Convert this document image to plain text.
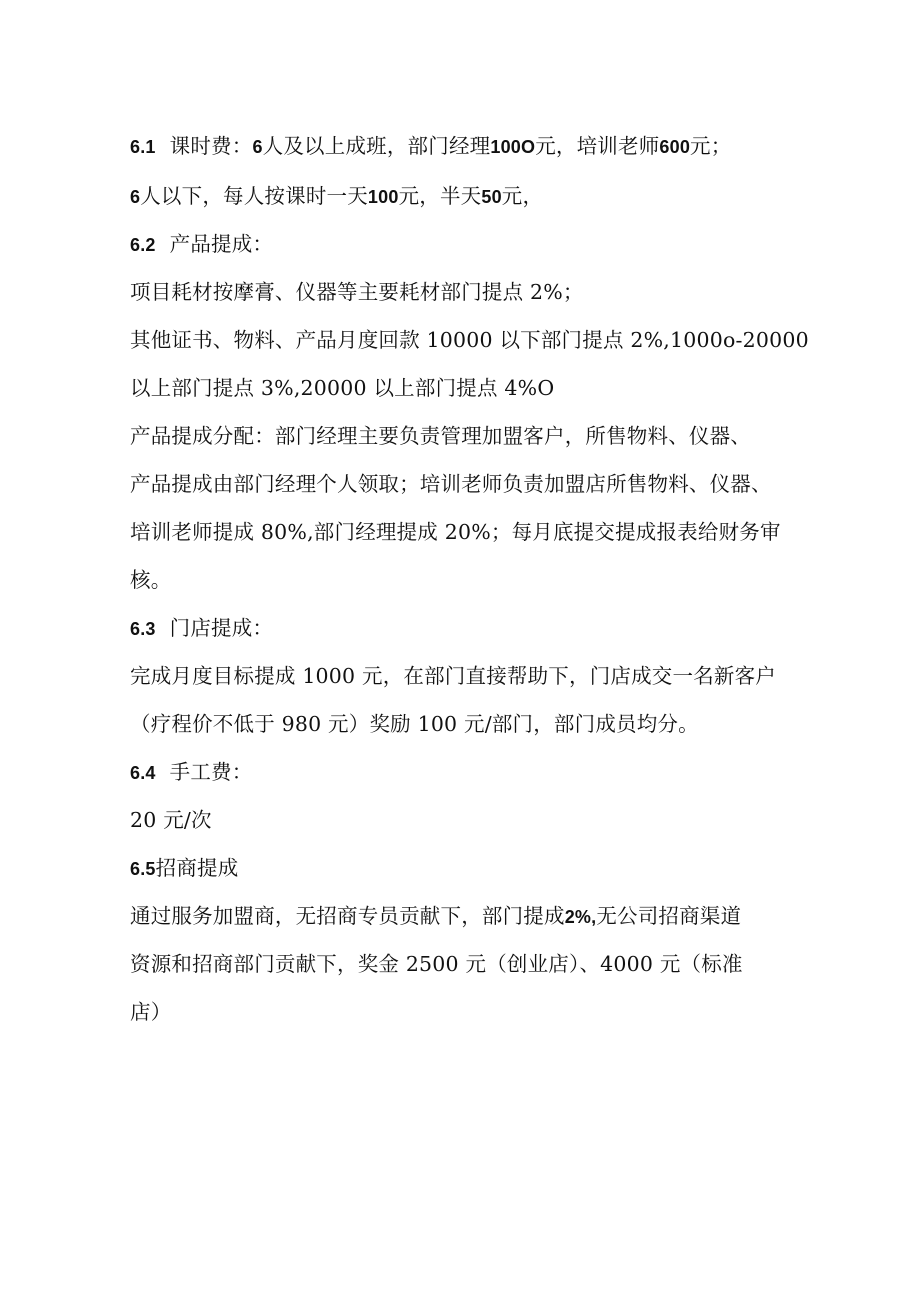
6.1 课时费：6人及以上成班，部门经理100O元，培训老师600元；
6人以下，每人按课时一天100元，半天50元，
6.2 产品提成：
项目耗材按摩膏、仪器等主要耗材部门提点 2%；
其他证书、物料、产品月度回款 10000 以下部门提点 2%,1000o-20000
以上部门提点 3%,20000 以上部门提点 4%O
产品提成分配：部门经理主要负责管理加盟客户，所售物料、仪器、
产品提成由部门经理个人领取；培训老师负责加盟店所售物料、仪器、
培训老师提成 80%,部门经理提成 20%；每月底提交提成报表给财务审
核。
6.3 门店提成：
完成月度目标提成 1000 元，在部门直接帮助下，门店成交一名新客户
（疗程价不低于 980 元）奖励 100 元/部门，部门成员均分。
6.4 手工费：
20 元/次
6.5招商提成
通过服务加盟商，无招商专员贡献下，部门提成2%,无公司招商渠道
资源和招商部门贡献下，奖金 2500 元（创业店）、4000 元（标准
店）
